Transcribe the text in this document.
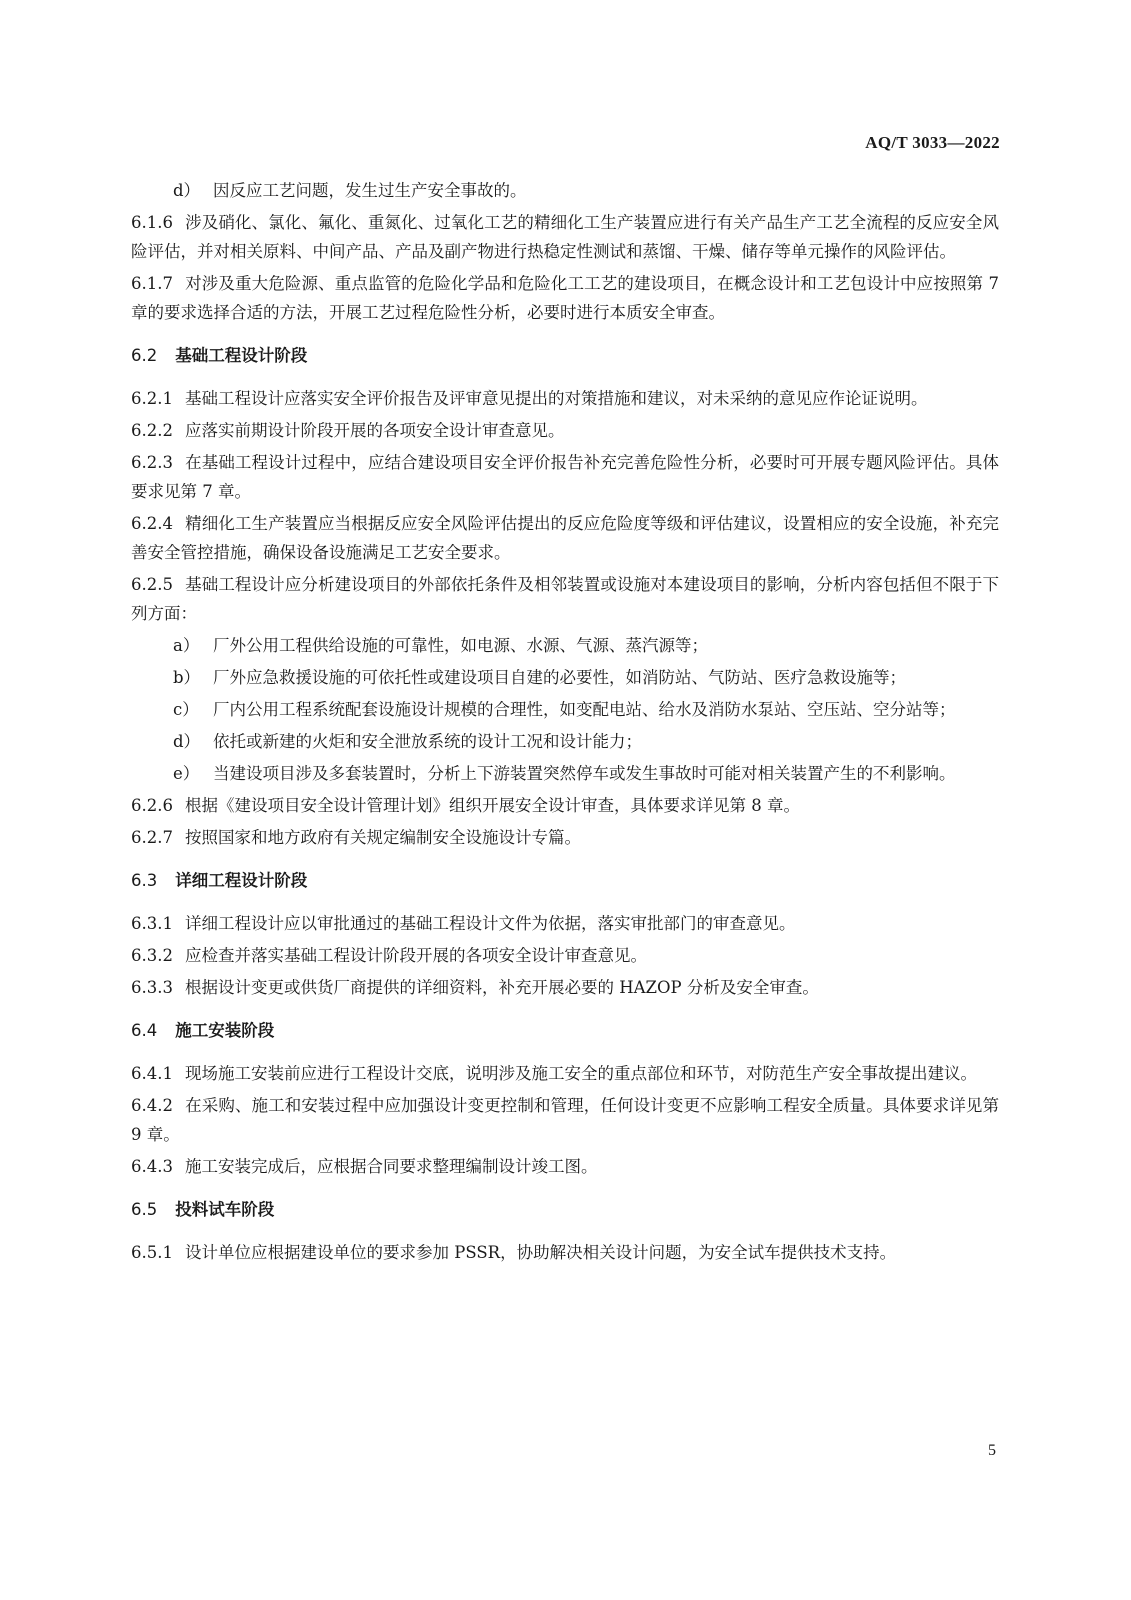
AQ/T 3033—2022
d） 因反应工艺问题，发生过生产安全事故的。
6.1.6 涉及硝化、氯化、氟化、重氮化、过氧化工艺的精细化工生产装置应进行有关产品生产工艺全流程的反应安全风险评估，并对相关原料、中间产品、产品及副产物进行热稳定性测试和蒸馏、干燥、储存等单元操作的风险评估。
6.1.7 对涉及重大危险源、重点监管的危险化学品和危险化工工艺的建设项目，在概念设计和工艺包设计中应按照第 7 章的要求选择合适的方法，开展工艺过程危险性分析，必要时进行本质安全审查。
6.2 基础工程设计阶段
6.2.1 基础工程设计应落实安全评价报告及评审意见提出的对策措施和建议，对未采纳的意见应作论证说明。
6.2.2 应落实前期设计阶段开展的各项安全设计审查意见。
6.2.3 在基础工程设计过程中，应结合建设项目安全评价报告补充完善危险性分析，必要时可开展专题风险评估。具体要求见第 7 章。
6.2.4 精细化工生产装置应当根据反应安全风险评估提出的反应危险度等级和评估建议，设置相应的安全设施，补充完善安全管控措施，确保设备设施满足工艺安全要求。
6.2.5 基础工程设计应分析建设项目的外部依托条件及相邻装置或设施对本建设项目的影响，分析内容包括但不限于下列方面：
a） 厂外公用工程供给设施的可靠性，如电源、水源、气源、蒸汽源等；
b） 厂外应急救援设施的可依托性或建设项目自建的必要性，如消防站、气防站、医疗急救设施等；
c） 厂内公用工程系统配套设施设计规模的合理性，如变配电站、给水及消防水泵站、空压站、空分站等；
d） 依托或新建的火炬和安全泄放系统的设计工况和设计能力；
e） 当建设项目涉及多套装置时，分析上下游装置突然停车或发生事故时可能对相关装置产生的不利影响。
6.2.6 根据《建设项目安全设计管理计划》组织开展安全设计审查，具体要求详见第 8 章。
6.2.7 按照国家和地方政府有关规定编制安全设施设计专篇。
6.3 详细工程设计阶段
6.3.1 详细工程设计应以审批通过的基础工程设计文件为依据，落实审批部门的审查意见。
6.3.2 应检查并落实基础工程设计阶段开展的各项安全设计审查意见。
6.3.3 根据设计变更或供货厂商提供的详细资料，补充开展必要的 HAZOP 分析及安全审查。
6.4 施工安装阶段
6.4.1 现场施工安装前应进行工程设计交底，说明涉及施工安全的重点部位和环节，对防范生产安全事故提出建议。
6.4.2 在采购、施工和安装过程中应加强设计变更控制和管理，任何设计变更不应影响工程安全质量。具体要求详见第 9 章。
6.4.3 施工安装完成后，应根据合同要求整理编制设计竣工图。
6.5 投料试车阶段
6.5.1 设计单位应根据建设单位的要求参加 PSSR，协助解决相关设计问题，为安全试车提供技术支持。
5
